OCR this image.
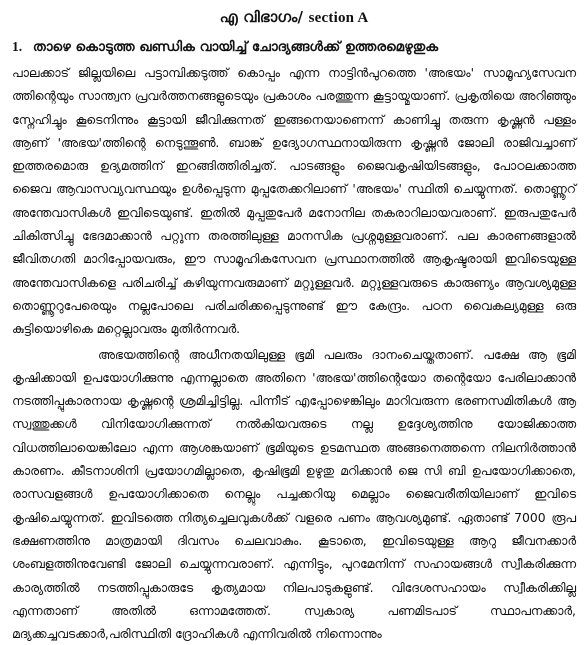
എ വിഭാഗം/ section A
1. താഴെ കൊടുത്ത ഖണ്ഡിക വായിച്ച് ചോദ്യങ്ങൾക്ക് ഉത്തരമെഴുതുക

പാലക്കാട് ജില്ലയിലെ പട്ടാമ്പിക്കടുത്ത് കൊപ്പം എന്ന നാട്ടിൻപുറത്തെ 'അഭയം' സാമൂഹ്യസേവന ത്തിന്റെയും സാന്ത്വന പ്രവർത്തനങ്ങളുടെയും പ്രകാശം പരത്തുന്ന കൂട്ടായ്മയാണ്. പ്രകൃതിയെ അറിഞ്ഞും സ്നേഹിച്ചും കൂടെനിന്നും കൂട്ടായി ജീവിക്കുന്നത് ഇങ്ങനെയാണെന്ന് കാണിച്ചു തരുന്ന കൃഷ്ണൻ പള്ളം ആണ് 'അഭയ'ത്തിന്റെ നെടുന്തൂൺ. ബാങ്ക് ഉദ്യോഗസ്ഥനായിരുന്ന കൃഷ്ണൻ ജോലി രാജിവച്ചാണ് ഇത്തരമൊരു ഉദ്യമത്തിന് ഇറങ്ങിത്തിരിച്ചത്. പാടങ്ങളും ജൈവകൃഷിയിടങ്ങളും, പോഠലക്കാത്ത ജൈവ ആവാസവ്യവസ്ഥയും ഉൾപ്പെടുന്ന മുപ്പതേക്കറിലാണ് 'അഭയം' സ്ഥിതി ചെയ്യുന്നത്. തൊണ്ണൂറ് അന്തേവാസികൾ ഇവിടെയുണ്ട്. ഇതിൽ മുപ്പതുപേർ മനോനില തകരാറിലായവരാണ്. ഇരുപതുപേർ ചികിത്സിച്ചു ഭേദമാക്കാൻ പറ്റുന്ന തരത്തിലുള്ള മാനസിക പ്രശ്നമുള്ളവരാണ്. പല കാരണങ്ങളാൽ ജീവിതഗതി മാറിപ്പോയവരും, ഈ സാമൂഹികസേവന പ്രസ്ഥാനത്തിൽ ആകൃഷ്ടരായി ഇവിടെയുള്ള അന്തേവാസികളെ പരിചരിച്ച് കഴിയുന്നവരുമാണ് മറ്റുള്ളവർ. മറ്റുള്ളവരുടെ കാരുണ്യം ആവശ്യമുള്ള തൊണ്ണൂറുപേരെയും നല്ലപോലെ പരിചരിക്കപ്പെടുന്നുണ്ട് ഈ കേന്ദ്രം. പഠന വൈകല്യമുള്ള ഒരു കുട്ടിയൊഴികെ മറ്റെല്ലാവരും മുതിർന്നവർ.

അഭയത്തിന്റെ അധീനതയിലുള്ള ഭൂമി പലരും ദാനംചെയ്തതാണ്. പക്ഷേ ആ ഭൂമി കൃഷിക്കായി ഉപയോഗിക്കുന്നു എന്നല്ലാതെ അതിനെ 'അഭയ'ത്തിന്റെയോ തന്റെയോ പേരിലാക്കാൻ നടത്തിപ്പുകാരനായ കൃഷ്ണന്റെ ശ്രമിച്ചിട്ടില്ല. പിന്നീട് എപ്പോഴെങ്കിലും മാറിവരുന്ന ഭരണസമിതികൾ ആ സ്വത്തുക്കൾ വിനിയോഗിക്കുന്നത് നൽകിയവരുടെ നല്ല ഉദ്ദേശ്യത്തിനു യോജിക്കാത്ത വിധത്തിലായെങ്കിലോ എന്ന ആശങ്കയാണ് ഭൂമിയുടെ ഉടമസ്ഥത അങ്ങനെത്തന്നെ നിലനിർത്താൻ കാരണം. കീടനാശിനി പ്രയോഗമില്ലാതെ, കൃഷിഭൂമി ഉഴുതു മറിക്കാൻ ജെ സി ബി ഉപയോഗിക്കാതെ, രാസവളങ്ങൾ ഉപയോഗിക്കാതെ നെല്ലും പച്ചക്കറിയു മെല്ലാം ജൈവരീതിയിലാണ് ഇവിടെ കൃഷിചെയ്യുന്നത്. ഇവിടത്തെ നിത്യച്ചെലവുകൾക്ക് വളരെ പണം ആവശ്യമുണ്ട്. ഏതാണ്ട് 7000 രൂപ ഭക്ഷണത്തിനു മാത്രമായി ദിവസം ചെലവാകും. കൂടാതെ, ഇവിടെയുള്ള ആറു ജീവനക്കാർ ശംബളത്തിനുവേണ്ടി ജോലി ചെയ്യുന്നവരാണ്. എന്നിട്ടും, പുറമേനിന്ന് സഹായങ്ങൾ സ്വീകരിക്കുന്ന കാര്യത്തിൽ നടത്തിപ്പുകാരുടേ കൃത്യമായ നിലപാടുകളുണ്ട്. വിദേശസഹായം സ്വീകരിക്കില്ല എന്നതാണ് അതിൽ ഒന്നാമത്തേത്. സ്വകാര്യ പണമിടപാട് സ്ഥാപനക്കാർ, മദ്യക്കച്ചവടക്കാർ,പരിസ്ഥിതി ദ്രോഹികൾ എന്നിവരിൽ നിന്നൊന്നും
